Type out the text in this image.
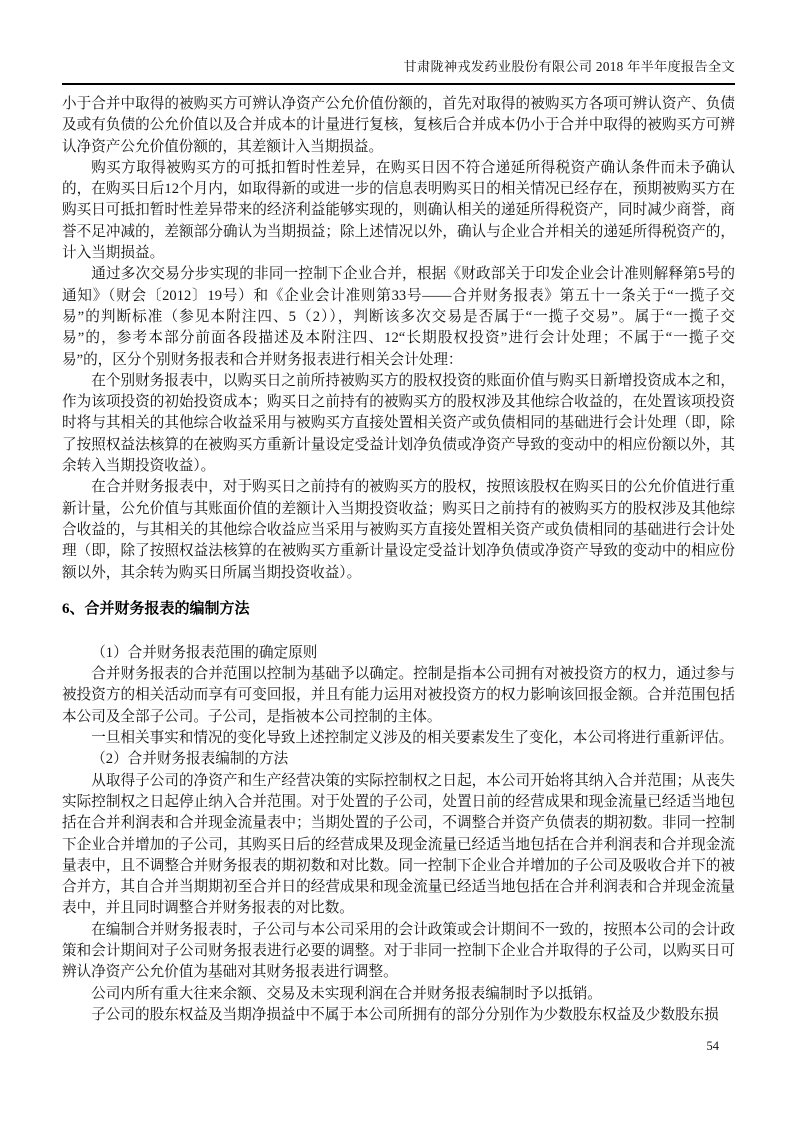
甘肃陇神戎发药业股份有限公司 2018 年半年度报告全文

小于合并中取得的被购买方可辨认净资产公允价值份额的，首先对取得的被购买方各项可辨认资产、负债及或有负债的公允价值以及合并成本的计量进行复核，复核后合并成本仍小于合并中取得的被购买方可辨认净资产公允价值份额的，其差额计入当期损益。

购买方取得被购买方的可抵扣暂时性差异，在购买日因不符合递延所得税资产确认条件而未予确认的，在购买日后12个月内，如取得新的或进一步的信息表明购买日的相关情况已经存在，预期被购买方在购买日可抵扣暂时性差异带来的经济利益能够实现的，则确认相关的递延所得税资产，同时减少商誉，商誉不足冲减的，差额部分确认为当期损益；除上述情况以外，确认与企业合并相关的递延所得税资产的，计入当期损益。

通过多次交易分步实现的非同一控制下企业合并，根据《财政部关于印发企业会计准则解释第5号的通知》（财会〔2012〕19号）和《企业会计准则第33号——合并财务报表》第五十一条关于“一揽子交易”的判断标准（参见本附注四、5（2）），判断该多次交易是否属于“一揽子交易”。属于“一揽子交易”的，参考本部分前面各段描述及本附注四、12“长期股权投资”进行会计处理；不属于“一揽子交易”的，区分个别财务报表和合并财务报表进行相关会计处理：

在个别财务报表中，以购买日之前所持被购买方的股权投资的账面价值与购买日新增投资成本之和，作为该项投资的初始投资成本；购买日之前持有的被购买方的股权涉及其他综合收益的，在处置该项投资时将与其相关的其他综合收益采用与被购买方直接处置相关资产或负债相同的基础进行会计处理（即，除了按照权益法核算的在被购买方重新计量设定受益计划净负债或净资产导致的变动中的相应份额以外，其余转入当期投资收益）。

在合并财务报表中，对于购买日之前持有的被购买方的股权，按照该股权在购买日的公允价值进行重新计量，公允价值与其账面价值的差额计入当期投资收益；购买日之前持有的被购买方的股权涉及其他综合收益的，与其相关的其他综合收益应当采用与被购买方直接处置相关资产或负债相同的基础进行会计处理（即，除了按照权益法核算的在被购买方重新计量设定受益计划净负债或净资产导致的变动中的相应份额以外，其余转为购买日所属当期投资收益）。

6、合并财务报表的编制方法

（1）合并财务报表范围的确定原则

合并财务报表的合并范围以控制为基础予以确定。控制是指本公司拥有对被投资方的权力，通过参与被投资方的相关活动而享有可变回报，并且有能力运用对被投资方的权力影响该回报金额。合并范围包括本公司及全部子公司。子公司，是指被本公司控制的主体。

一旦相关事实和情况的变化导致上述控制定义涉及的相关要素发生了变化，本公司将进行重新评估。

（2）合并财务报表编制的方法

从取得子公司的净资产和生产经营决策的实际控制权之日起，本公司开始将其纳入合并范围；从丧失实际控制权之日起停止纳入合并范围。对于处置的子公司，处置日前的经营成果和现金流量已经适当地包括在合并利润表和合并现金流量表中；当期处置的子公司，不调整合并资产负债表的期初数。非同一控制下企业合并增加的子公司，其购买日后的经营成果及现金流量已经适当地包括在合并利润表和合并现金流量表中，且不调整合并财务报表的期初数和对比数。同一控制下企业合并增加的子公司及吸收合并下的被合并方，其自合并当期期初至合并日的经营成果和现金流量已经适当地包括在合并利润表和合并现金流量表中，并且同时调整合并财务报表的对比数。

在编制合并财务报表时，子公司与本公司采用的会计政策或会计期间不一致的，按照本公司的会计政策和会计期间对子公司财务报表进行必要的调整。对于非同一控制下企业合并取得的子公司，以购买日可辨认净资产公允价值为基础对其财务报表进行调整。

公司内所有重大往来余额、交易及未实现利润在合并财务报表编制时予以抵销。

子公司的股东权益及当期净损益中不属于本公司所拥有的部分分别作为少数股东权益及少数股东损

54
